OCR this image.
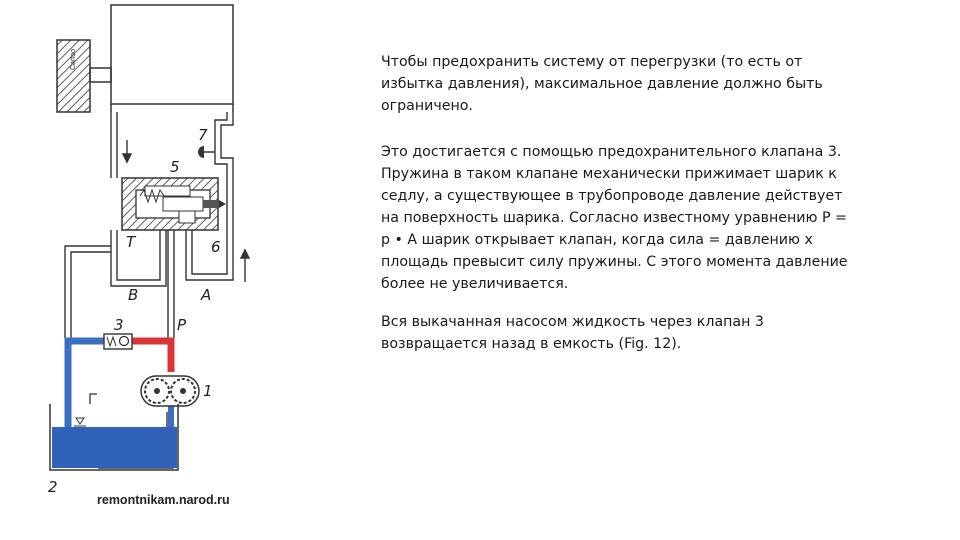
Cartoo
7
5
T	6
B	A
3	P
1
2
remontnikam.narod.ru

Чтобы предохранить систему от перегрузки (то есть от избытка давления), максимальное давление должно быть ограничено.

Это достигается с помощью предохранительного клапана 3. Пружина в таком клапане механически прижимает шарик к седлу, а существующее в трубопроводе давление действует на поверхность шарика. Согласно известному уравнению P = p • A шарик открывает клапан, когда сила = давлению х площадь превысит силу пружины. С этого момента давление более не увеличивается.

Вся выкачанная насосом жидкость через клапан 3 возвращается назад в емкость (Fig. 12).
